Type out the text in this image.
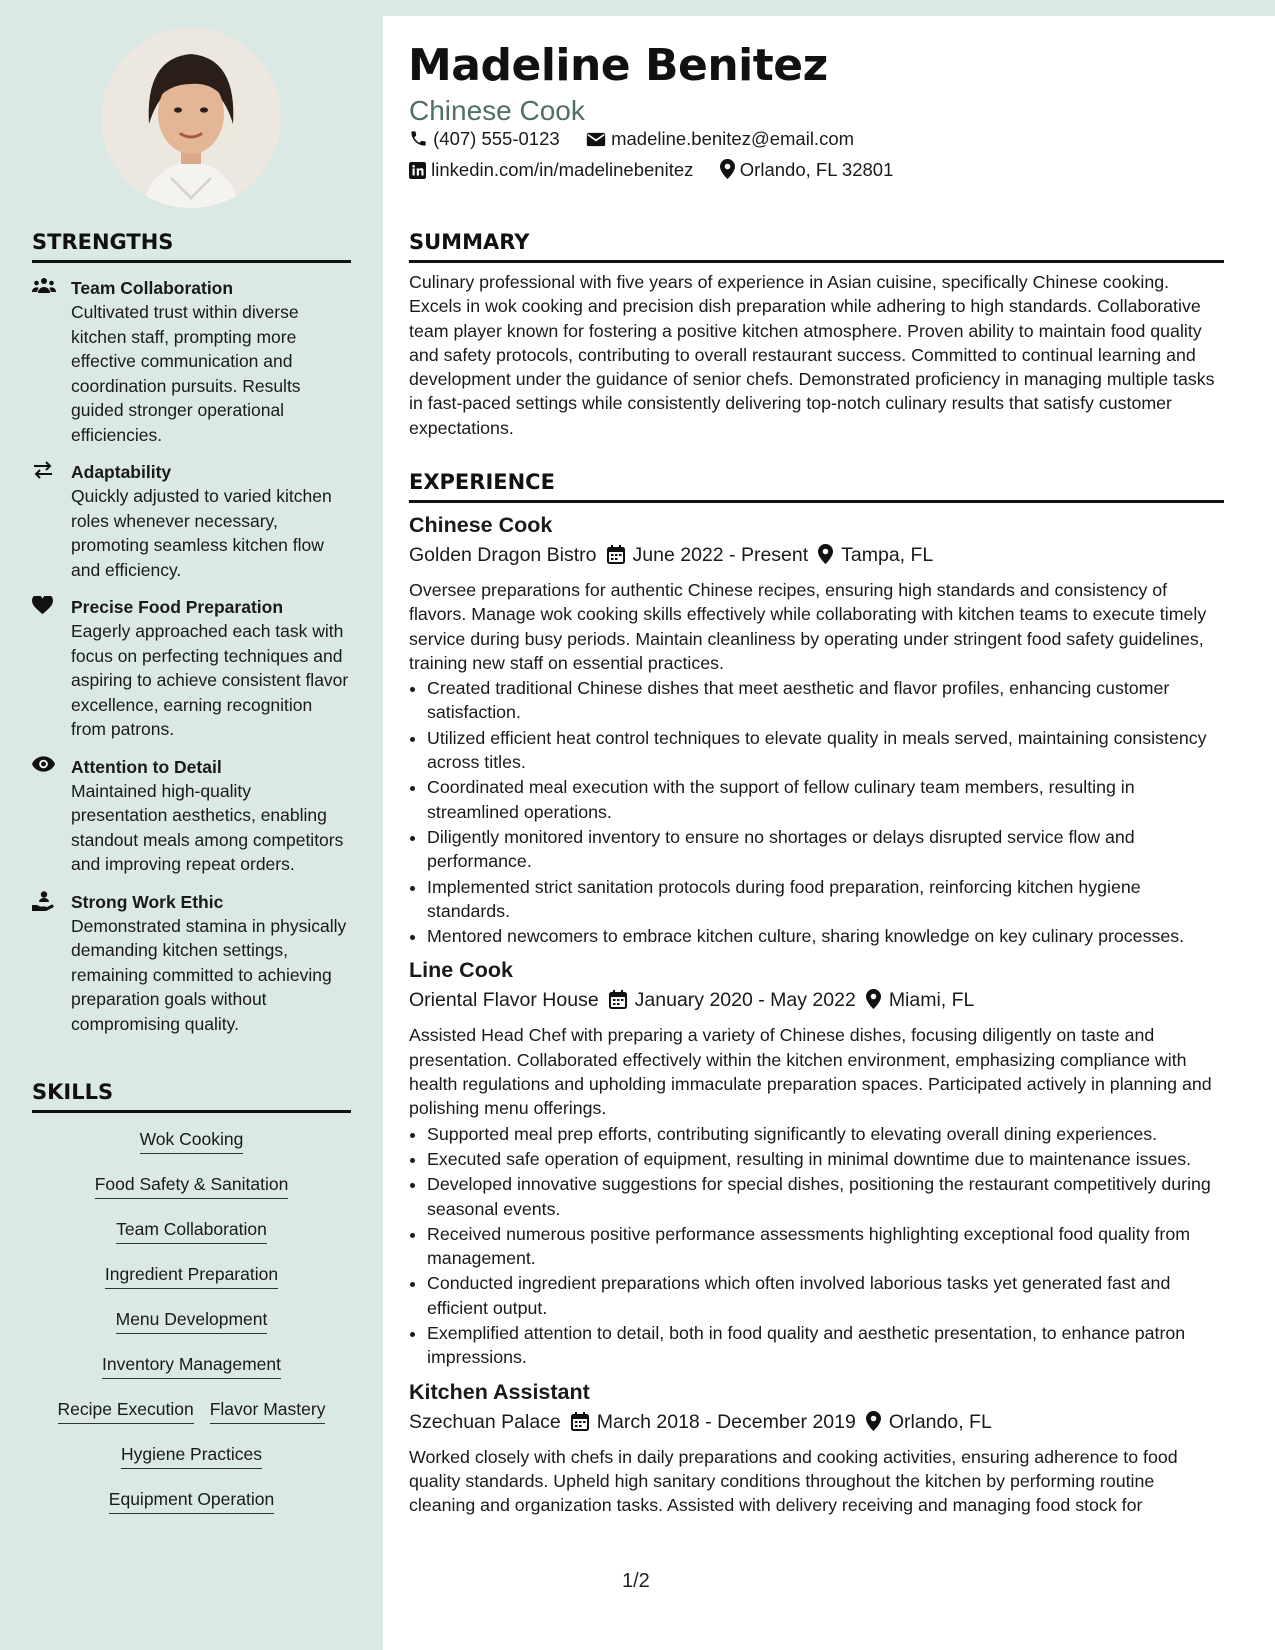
STRENGTHS
Team Collaboration
Cultivated trust within diverse kitchen staff, prompting more effective communication and coordination pursuits. Results guided stronger operational efficiencies.
Adaptability
Quickly adjusted to varied kitchen roles whenever necessary, promoting seamless kitchen flow and efficiency.
Precise Food Preparation
Eagerly approached each task with focus on perfecting techniques and aspiring to achieve consistent flavor excellence, earning recognition from patrons.
Attention to Detail
Maintained high-quality presentation aesthetics, enabling standout meals among competitors and improving repeat orders.
Strong Work Ethic
Demonstrated stamina in physically demanding kitchen settings, remaining committed to achieving preparation goals without compromising quality.
SKILLS
Wok Cooking
Food Safety & Sanitation
Team Collaboration
Ingredient Preparation
Menu Development
Inventory Management
Recipe Execution Flavor Mastery
Hygiene Practices
Equipment Operation
Madeline Benitez
Chinese Cook
(407) 555-0123	madeline.benitez@email.com
linkedin.com/in/madelinebenitez	Orlando, FL 32801
SUMMARY

Culinary professional with five years of experience in Asian cuisine, specifically Chinese cooking. Excels in wok cooking and precision dish preparation while adhering to high standards. Collaborative team player known for fostering a positive kitchen atmosphere. Proven ability to maintain food quality and safety protocols, contributing to overall restaurant success. Committed to continual learning and development under the guidance of senior chefs. Demonstrated proficiency in managing multiple tasks in fast-paced settings while consistently delivering top-notch culinary results that satisfy customer expectations.

EXPERIENCE
Chinese Cook
Golden Dragon Bistro June 2022 - Present Tampa, FL

Oversee preparations for authentic Chinese recipes, ensuring high standards and consistency of flavors. Manage wok cooking skills effectively while collaborating with kitchen teams to execute timely service during busy periods. Maintain cleanliness by operating under stringent food safety guidelines, training new staff on essential practices.

• Created traditional Chinese dishes that meet aesthetic and flavor profiles, enhancing customer satisfaction.
• Utilized efficient heat control techniques to elevate quality in meals served, maintaining consistency across titles.
• Coordinated meal execution with the support of fellow culinary team members, resulting in streamlined operations.
• Diligently monitored inventory to ensure no shortages or delays disrupted service flow and performance.
• Implemented strict sanitation protocols during food preparation, reinforcing kitchen hygiene standards.
• Mentored newcomers to embrace kitchen culture, sharing knowledge on key culinary processes.
Line Cook
Oriental Flavor House January 2020 - May 2022 Miami, FL

Assisted Head Chef with preparing a variety of Chinese dishes, focusing diligently on taste and presentation. Collaborated effectively within the kitchen environment, emphasizing compliance with health regulations and upholding immaculate preparation spaces. Participated actively in planning and polishing menu offerings.

• Supported meal prep efforts, contributing significantly to elevating overall dining experiences.
• Executed safe operation of equipment, resulting in minimal downtime due to maintenance issues.
• Developed innovative suggestions for special dishes, positioning the restaurant competitively during seasonal events.
• Received numerous positive performance assessments highlighting exceptional food quality from management.
• Conducted ingredient preparations which often involved laborious tasks yet generated fast and efficient output.
• Exemplified attention to detail, both in food quality and aesthetic presentation, to enhance patron impressions.
Kitchen Assistant
Szechuan Palace March 2018 - December 2019 Orlando, FL

Worked closely with chefs in daily preparations and cooking activities, ensuring adherence to food quality standards. Upheld high sanitary conditions throughout the kitchen by performing routine cleaning and organization tasks. Assisted with delivery receiving and managing food stock for

1/2
